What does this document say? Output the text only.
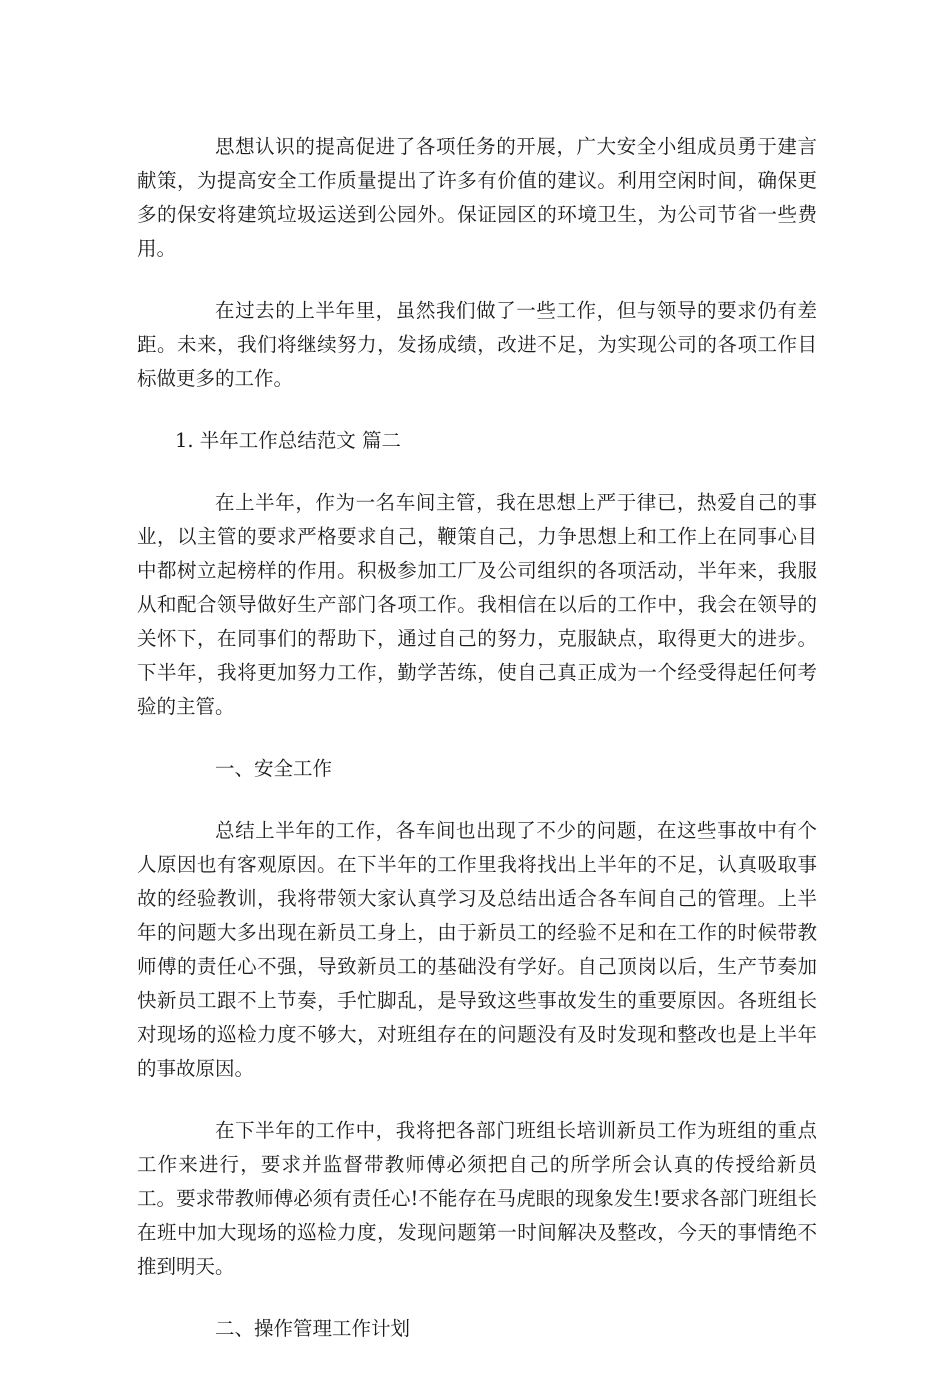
思想认识的提高促进了各项任务的开展，广大安全小组成员勇于建言献策，为提高安全工作质量提出了许多有价值的建议。利用空闲时间，确保更多的保安将建筑垃圾运送到公园外。保证园区的环境卫生，为公司节省一些费用。

在过去的上半年里，虽然我们做了一些工作，但与领导的要求仍有差距。未来，我们将继续努力，发扬成绩，改进不足，为实现公司的各项工作目标做更多的工作。

1. 半年工作总结范文 篇二

在上半年，作为一名车间主管，我在思想上严于律已，热爱自己的事业，以主管的要求严格要求自己，鞭策自己，力争思想上和工作上在同事心目中都树立起榜样的作用。积极参加工厂及公司组织的各项活动，半年来，我服从和配合领导做好生产部门各项工作。我相信在以后的工作中，我会在领导的关怀下，在同事们的帮助下，通过自己的努力，克服缺点，取得更大的进步。下半年，我将更加努力工作，勤学苦练，使自己真正成为一个经受得起任何考验的主管。

一、安全工作

总结上半年的工作，各车间也出现了不少的问题，在这些事故中有个人原因也有客观原因。在下半年的工作里我将找出上半年的不足，认真吸取事故的经验教训，我将带领大家认真学习及总结出适合各车间自己的管理。上半年的问题大多出现在新员工身上，由于新员工的经验不足和在工作的时候带教师傅的责任心不强，导致新员工的基础没有学好。自己顶岗以后，生产节奏加快新员工跟不上节奏，手忙脚乱，是导致这些事故发生的重要原因。各班组长对现场的巡检力度不够大，对班组存在的问题没有及时发现和整改也是上半年的事故原因。

在下半年的工作中，我将把各部门班组长培训新员工作为班组的重点工作来进行，要求并监督带教师傅必须把自己的所学所会认真的传授给新员工。要求带教师傅必须有责任心!不能存在马虎眼的现象发生!要求各部门班组长在班中加大现场的巡检力度，发现问题第一时间解决及整改，今天的事情绝不推到明天。

二、操作管理工作计划
